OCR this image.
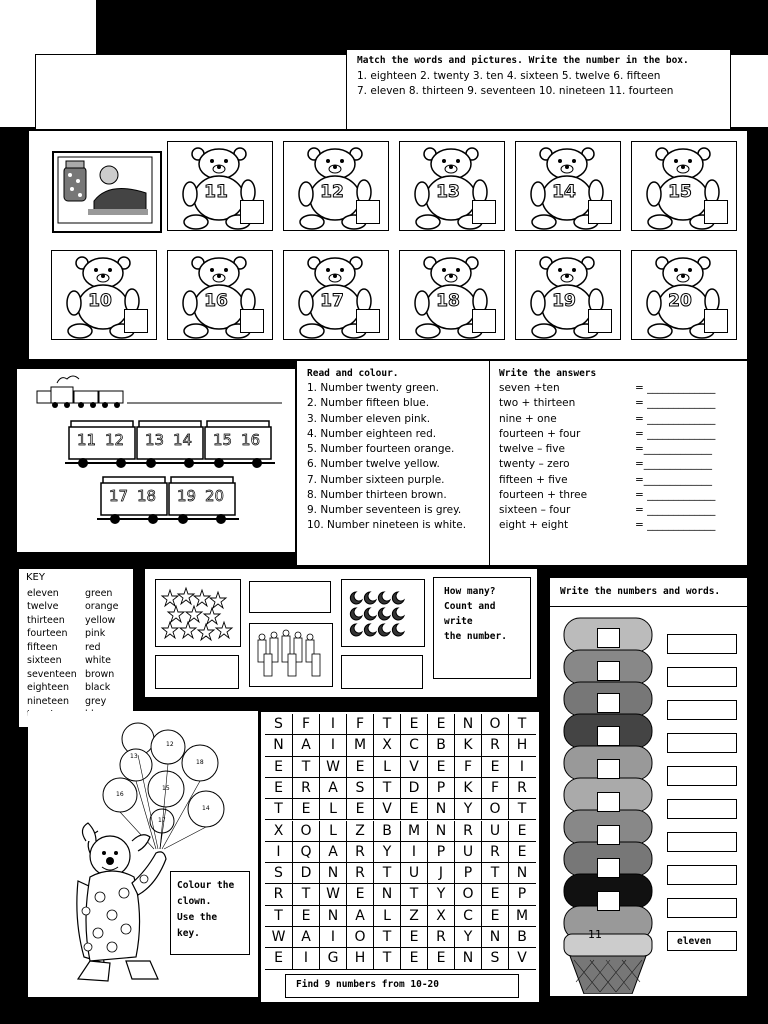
Match the words and pictures. Write the number in the box.
1. eighteen 2. twenty 3. ten 4. sixteen 5. twelve 6. fifteen
7. eleven 8. thirteen 9. seventeen 10. nineteen 11. fourteen
11	12	13	14	15
10	16	17	18	19	20
11 12 13 14 15 16
17 18 19 20
Read and colour.
1. Number twenty green.
2. Number fifteen blue.
3. Number eleven pink.
4. Number eighteen red.
5. Number fourteen orange.
6. Number twelve yellow.
7. Number sixteen purple.
8. Number thirteen brown.
9. Number seventeen is grey.
10. Number nineteen is white.
Write the answers
seven +ten	= _____________
two + thirteen	= _____________
nine + one	= _____________
fourteen + four	= _____________
twelve – five	=_____________
twenty – zero	=_____________
fifteen + five	=_____________
fourteen + three	= _____________
sixteen – four	= _____________
eight + eight	= _____________
KEY
eleven	green
twelve	orange
thirteen yellow
fourteen pink
fifteen	red
sixteen white
seventeen brown
eighteen black
nineteen grey
How many?
Count and
write
the number.
Write the numbers and words.
11
eleven
12
13
18
16
15
14
17
Colour the
clown.
Use the
key.
S	F	I	F	T	E	E	N	O	T
N	A	I	M	X	C	B	K	R	H
E	T	W	E	L	V	E	F	E	I
E	R	A	S	T	D	P	K	F	R
T	E	L	E	V	E	N	Y	O	T
X	O	L	Z	B	M	N	R	U	E
I	Q	A	R	Y	I	P	U	R	E
S	D	N	R	T	U	J	P	T	N
R	T	W	E	N	T	Y	O	E	P
T	E	N	A	L	Z	X	C	E	M
W	A	I	O	T	E	R	Y	N	B
E	I	G	H	T	E	E	N	S	V
Find 9 numbers from 10-20
